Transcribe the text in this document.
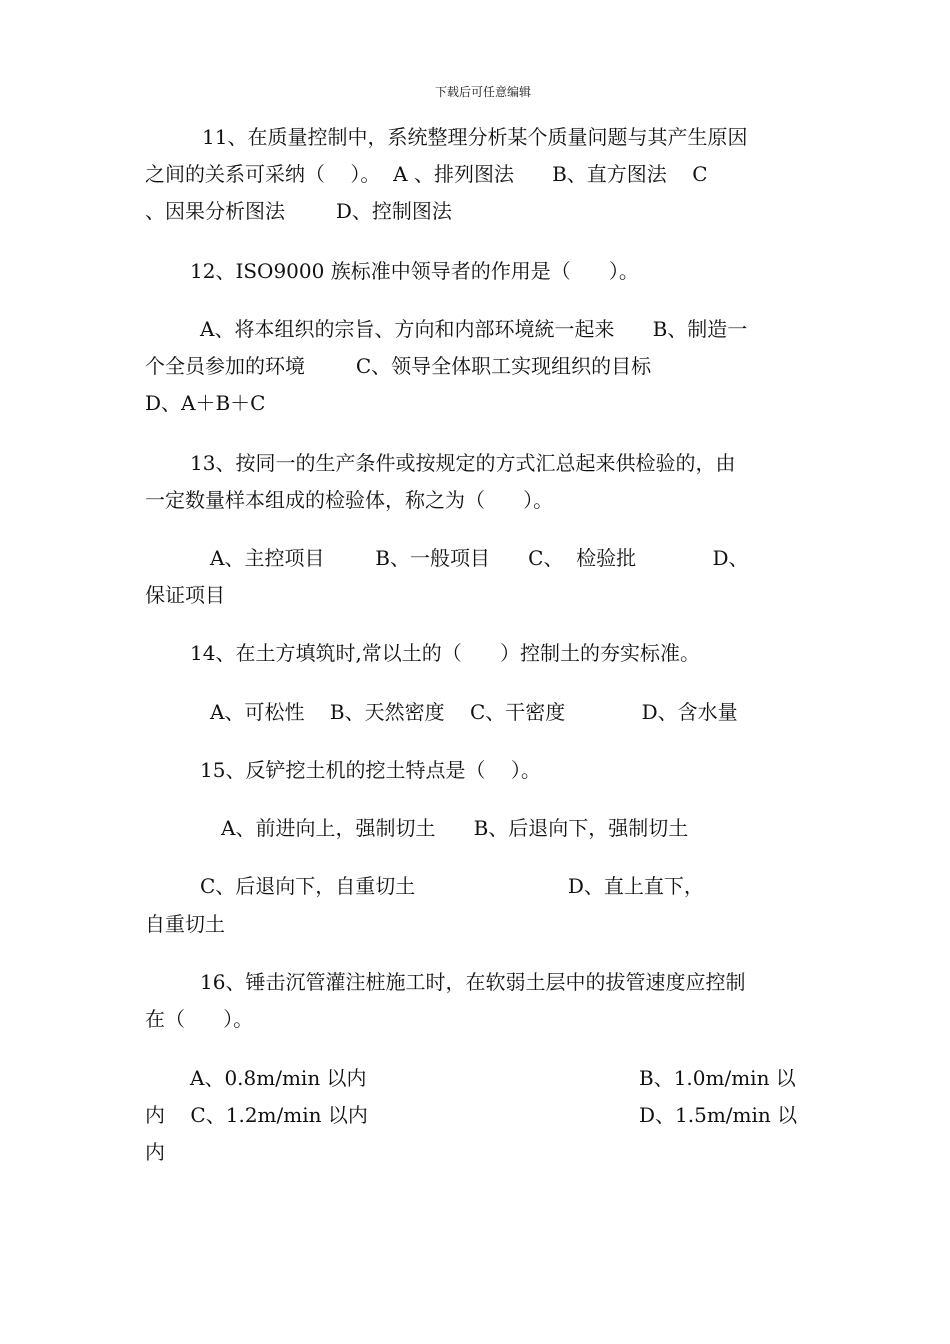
下载后可任意编辑

11、在质量控制中，系统整理分析某个质量问题与其产生原因

之间的关系可采纳（    ）。  A 、排列图法      B、直方图法    C

、因果分析图法        D、控制图法

12、ISO9000 族标准中领导者的作用是（      ）。

A、将本组织的宗旨、方向和内部环境統一起来      B、制造一

个全员参加的环境        C、领导全体职工实现组织的目标

D、A＋B＋C

13、按同一的生产条件或按规定的方式汇总起来供检验的，由

一定数量样本组成的检验体，称之为（      ）。

A、主控项目        B、一般项目      C、  检验批            D、

保证项目

14、在土方填筑时,常以土的（      ）控制土的夯实标准。

A、可松性    B、天然密度    C、干密度            D、含水量

15、反铲挖土机的挖土特点是（    ）。

A、前进向上，强制切土      B、后退向下，强制切土

C、后退向下，自重切土                        D、直上直下，

自重切土

16、锤击沉管灌注桩施工时，在软弱土层中的拔管速度应控制

在（      ）。

A、0.8m/min 以内	B、1.0m/min 以

内    C、1.2m/min 以内	D、1.5m/min 以

内
